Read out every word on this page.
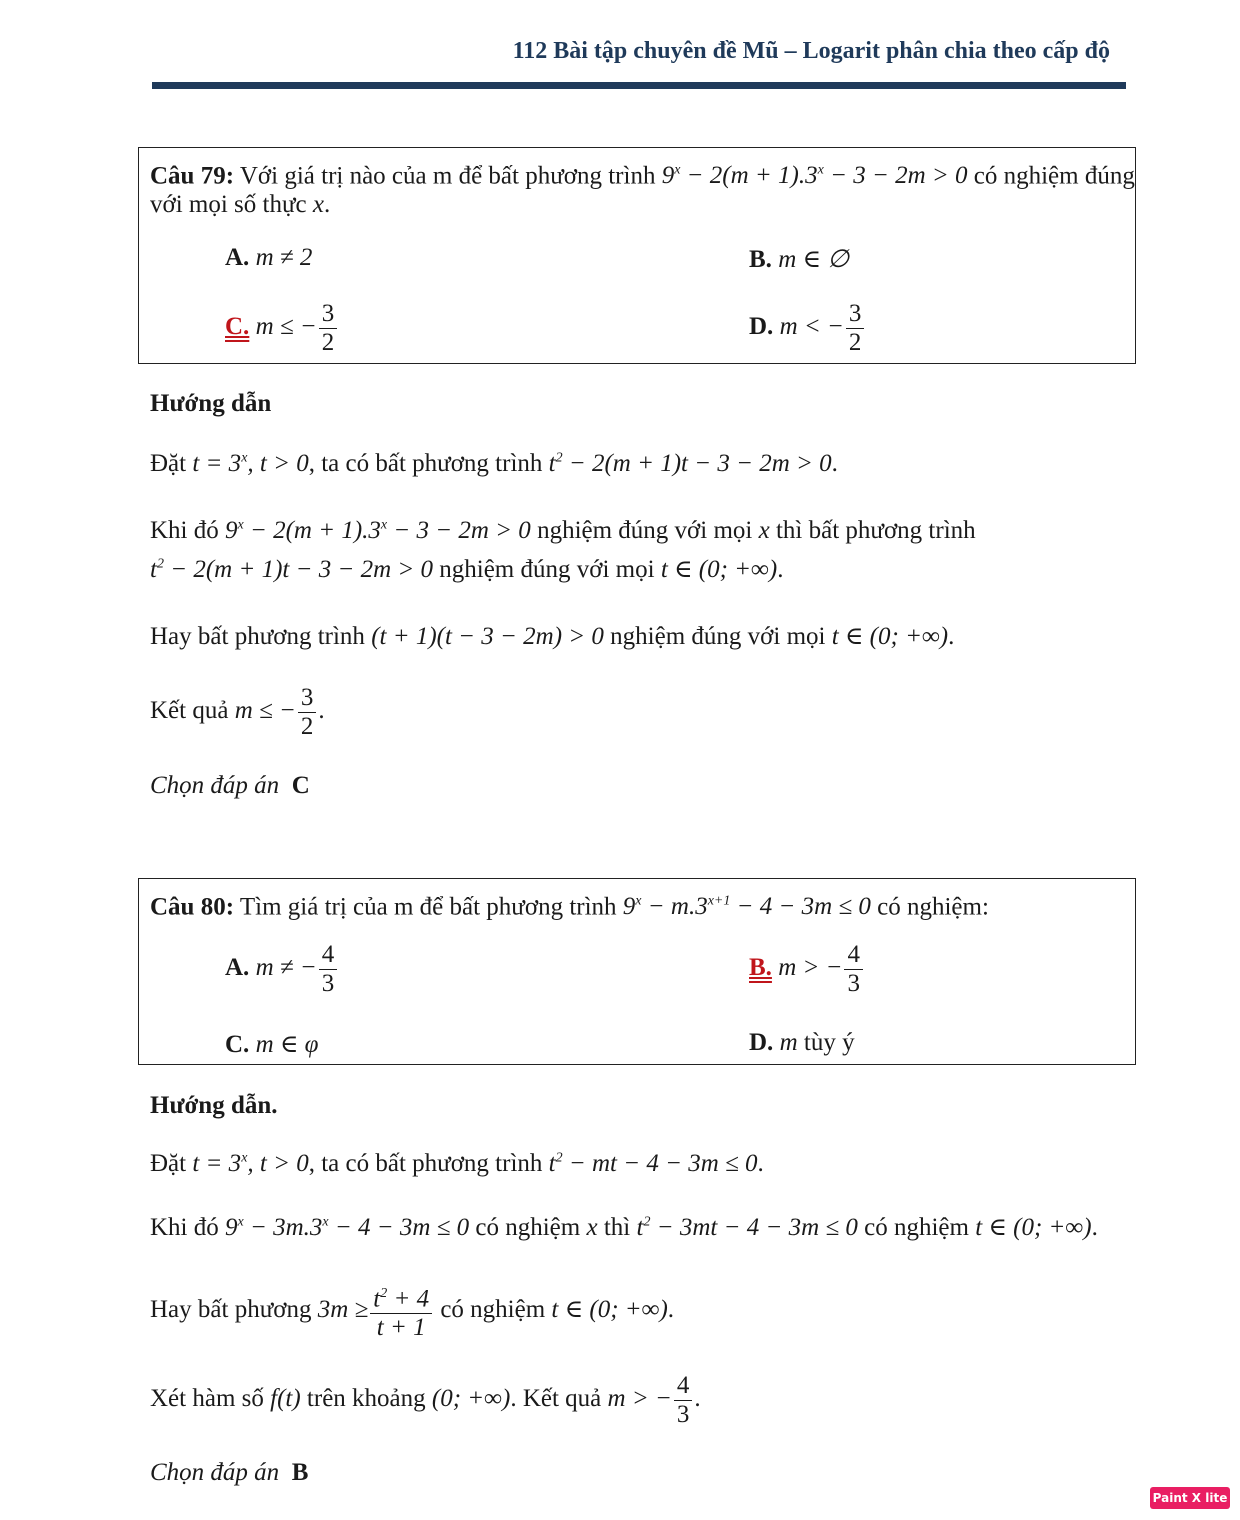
112 Bài tập chuyên đề Mũ – Logarit phân chia theo cấp độ
Câu 79: Với giá trị nào của m để bất phương trình $9^x - 2(m + 1).3^x - 3 - 2m > 0$ có nghiệm đúng
với mọi số thực x.
A. m ≠ 2	B. m ∈ ∅
C. m ≤ − $\frac{3}{2}$	D. m < − $\frac{3}{2}$
Hướng dẫn
Đặt $t = 3^x$, t > 0, ta có bất phương trình $t^2 - 2(m + 1)t - 3 - 2m > 0$.
Khi đó $9^x - 2(m + 1).3^x - 3 - 2m > 0$ nghiệm đúng với mọi x thì bất phương trình
$t^2 - 2(m + 1)t - 3 - 2m > 0$ nghiệm đúng với mọi t ∈ (0; +∞).
Hay bất phương trình (t + 1)(t − 3 − 2m) > 0 nghiệm đúng với mọi t ∈ (0; +∞).
Kết quả m ≤ − $\frac{3}{2}$ .
Chọn đáp án C
Câu 80: Tìm giá trị của m để bất phương trình $9^x - m.3^{x+1} - 4 - 3m \le 0$ có nghiệm:
A. m ≠ − $\frac{4}{3}$	B. m > − $\frac{4}{3}$
C. m ∈ φ	D. m tùy ý
Hướng dẫn.
Đặt $t = 3^x$, t > 0, ta có bất phương trình $t^2$ − mt − 4 − 3m ≤ 0.
Khi đó $9^x - 3m.3^x - 4 - 3m \le 0$ có nghiệm x thì $t^2 - 3mt - 4 - 3m \le 0$ có nghiệm t ∈ (0; +∞).
Hay bất phương $3m \ge \frac{t^2 + 4}{t + 1}$ có nghiệm t ∈ (0; +∞).
Xét hàm số f(t) trên khoảng (0; +∞). Kết quả m > − $\frac{4}{3}$ .
Chọn đáp án B
Paint X lite
